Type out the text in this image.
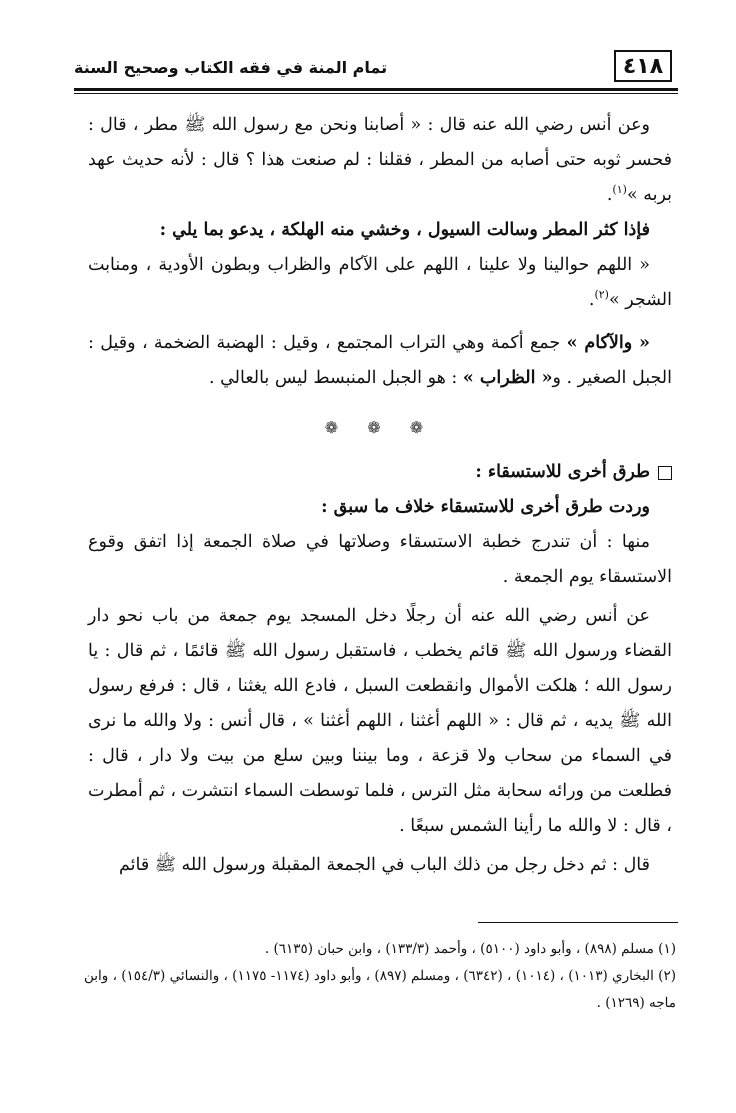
٤١٨
تمام المنة في فقه الكتاب وصحيح السنة

وعن أنس رضي الله عنه قال : « أصابنا ونحن مع رسول الله ﷺ مطر ، قال : فحسر ثوبه حتى أصابه من المطر ، فقلنا : لم صنعت هذا ؟ قال : لأنه حديث عهد بربه »$^{(١)}$.

فإذا كثر المطر وسالت السيول ، وخشي منه الهلكة ، يدعو بما يلي :

« اللهم حوالينا ولا علينا ، اللهم على الآكام والظراب وبطون الأودية ، ومنابت الشجر »$^{(٢)}$.

« والآكام » جمع أكمة وهي التراب المجتمع ، وقيل : الهضبة الضخمة ، وقيل : الجبل الصغير . و« الظراب » : هو الجبل المنبسط ليس بالعالي .

❁ ❁ ❁

طرق أخرى للاستسقاء :

وردت طرق أخرى للاستسقاء خلاف ما سبق :

منها : أن تندرج خطبة الاستسقاء وصلاتها في صلاة الجمعة إذا اتفق وقوع الاستسقاء يوم الجمعة .

عن أنس رضي الله عنه أن رجلًا دخل المسجد يوم جمعة من باب نحو دار القضاء ورسول الله ﷺ قائم يخطب ، فاستقبل رسول الله ﷺ قائمًا ، ثم قال : يا رسول الله ؛ هلكت الأموال وانقطعت السبل ، فادع الله يغثنا ، قال : فرفع رسول الله ﷺ يديه ، ثم قال : « اللهم أغثنا ، اللهم أغثنا » ، قال أنس : ولا والله ما نرى في السماء من سحاب ولا قزعة ، وما بيننا وبين سلع من بيت ولا دار ، قال : فطلعت من ورائه سحابة مثل الترس ، فلما توسطت السماء انتشرت ، ثم أمطرت ، قال : لا والله ما رأينا الشمس سبعًا .

قال : ثم دخل رجل من ذلك الباب في الجمعة المقبلة ورسول الله ﷺ قائم

(١) مسلم (٨٩٨) ، وأبو داود (٥١٠٠) ، وأحمد (١٣٣/٣) ، وابن حبان (٦١٣٥) .

(٢) البخاري (١٠١٣) ، (١٠١٤) ، (٦٣٤٢) ، ومسلم (٨٩٧) ، وأبو داود (١١٧٤- ١١٧٥) ، والنسائي (١٥٤/٣) ، وابن ماجه (١٢٦٩) .
